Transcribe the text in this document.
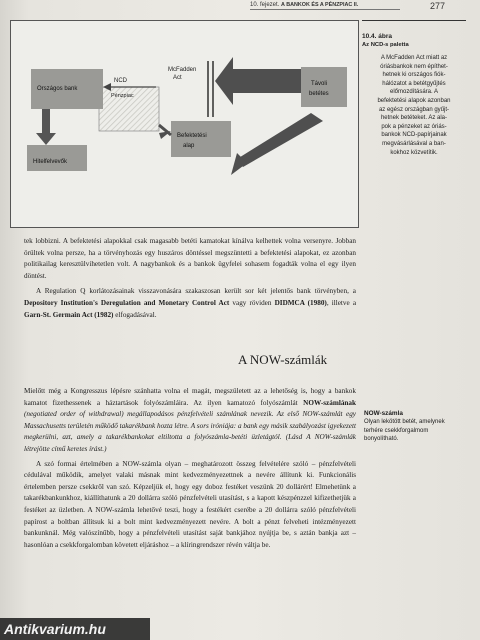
10. fejezet. A BANKOK ÉS A PÉNZPIAC II.	277
Pénzpiac
Országos bank
Hitelfelvevők
NCD
McFadden
Act
Távoli
betétes
Befektetési
alap
10.4. ábra
Az NCD-s paletta
A McFadden Act miatt az
óriásbankok nem építhet-
hetnek ki országos fiók-
hálózatot a betétgyűjtés
előmozdítására. A
befektetési alapok azonban
az egész országban gyűjt-
hetnek betéteket. Az ala-
pok a pénzeket az óriás-
bankok NCD-papírjainak
megvásárlásával a ban-
kokhoz közvetítik.

tek lobbizni. A befektetési alapokkal csak magasabb betéti kamatokat kínálva kelhettek volna versenyre. Jobban örültek volna persze, ha a törvényhozás egy huszáros döntéssel megszüntetti a befektetési alapokat, ez azonban politikailag keresztülvihetetlen volt. A nagybankok és a bankok ügyfelei sohasem fogadták volna el egy ilyen döntést.

A Regulation Q korlátozásainak visszavonására szakaszosan került sor két jelentős bank törvényben, a Depository Institution's Deregulation and Monetary Control Act vagy röviden DIDMCA (1980), illetve a Garn-St. Germain Act (1982) elfogadásával.

A NOW-számlák

Mielőtt még a Kongresszus lépésre szánhatta volna el magát, megszületett az a lehetőség is, hogy a bankok kamatot fizethessenek a háztartások folyószámláira. Az ilyen kamatozó folyószámlát NOW-számlának (negotiated order of withdrawal) megállapodásos pénzfelvételi számlának nevezik. Az első NOW-számlát egy Massachusetts területén működő takarékbank hozta létre. A sors iróniája: a bank egy másik szabályozást igyekezett megkerülni, azt, amely a takarékbankokat eltiltotta a folyószámla-betéti üzletágtól. (Lásd A NOW-számlák létrejötte című keretes írást.)

A szó formai értelmében a NOW-számla olyan – meghatározott összeg felvételére szóló – pénzfelvételi cédulával működik, amelyet valaki másnak mint kedvezményezettnek a nevére állítunk ki. Funkcionális értelemben persze csekkről van szó. Képzeljük el, hogy egy doboz festéket veszünk 20 dollárért! Elmehetünk a takarékbankunkhoz, kiállíthatunk a 20 dollárra szóló pénzfelvételi utasítást, s a kapott készpénzzel kifizethetjük a festéket az üzletben. A NOW-számla lehetővé teszi, hogy a festékért cserébe a 20 dollárra szóló pénzfelvételi papírost a boltban állítsuk ki a bolt mint kedvezményezett nevére. A bolt a pénzt felveheti intézményezett bankunknál. Még valószínűbb, hogy a pénzfelvételi utasítást saját bankjához nyújtja be, s aztán bankja azt – hasonlóan a csekkforgalomban követett eljáráshoz – a klíringrendszer révén váltja be.

NOW-számla
Olyan lekötött betét, amelynek terhére csekkforgalmom bonyolítható.
Antikvarium.hu
